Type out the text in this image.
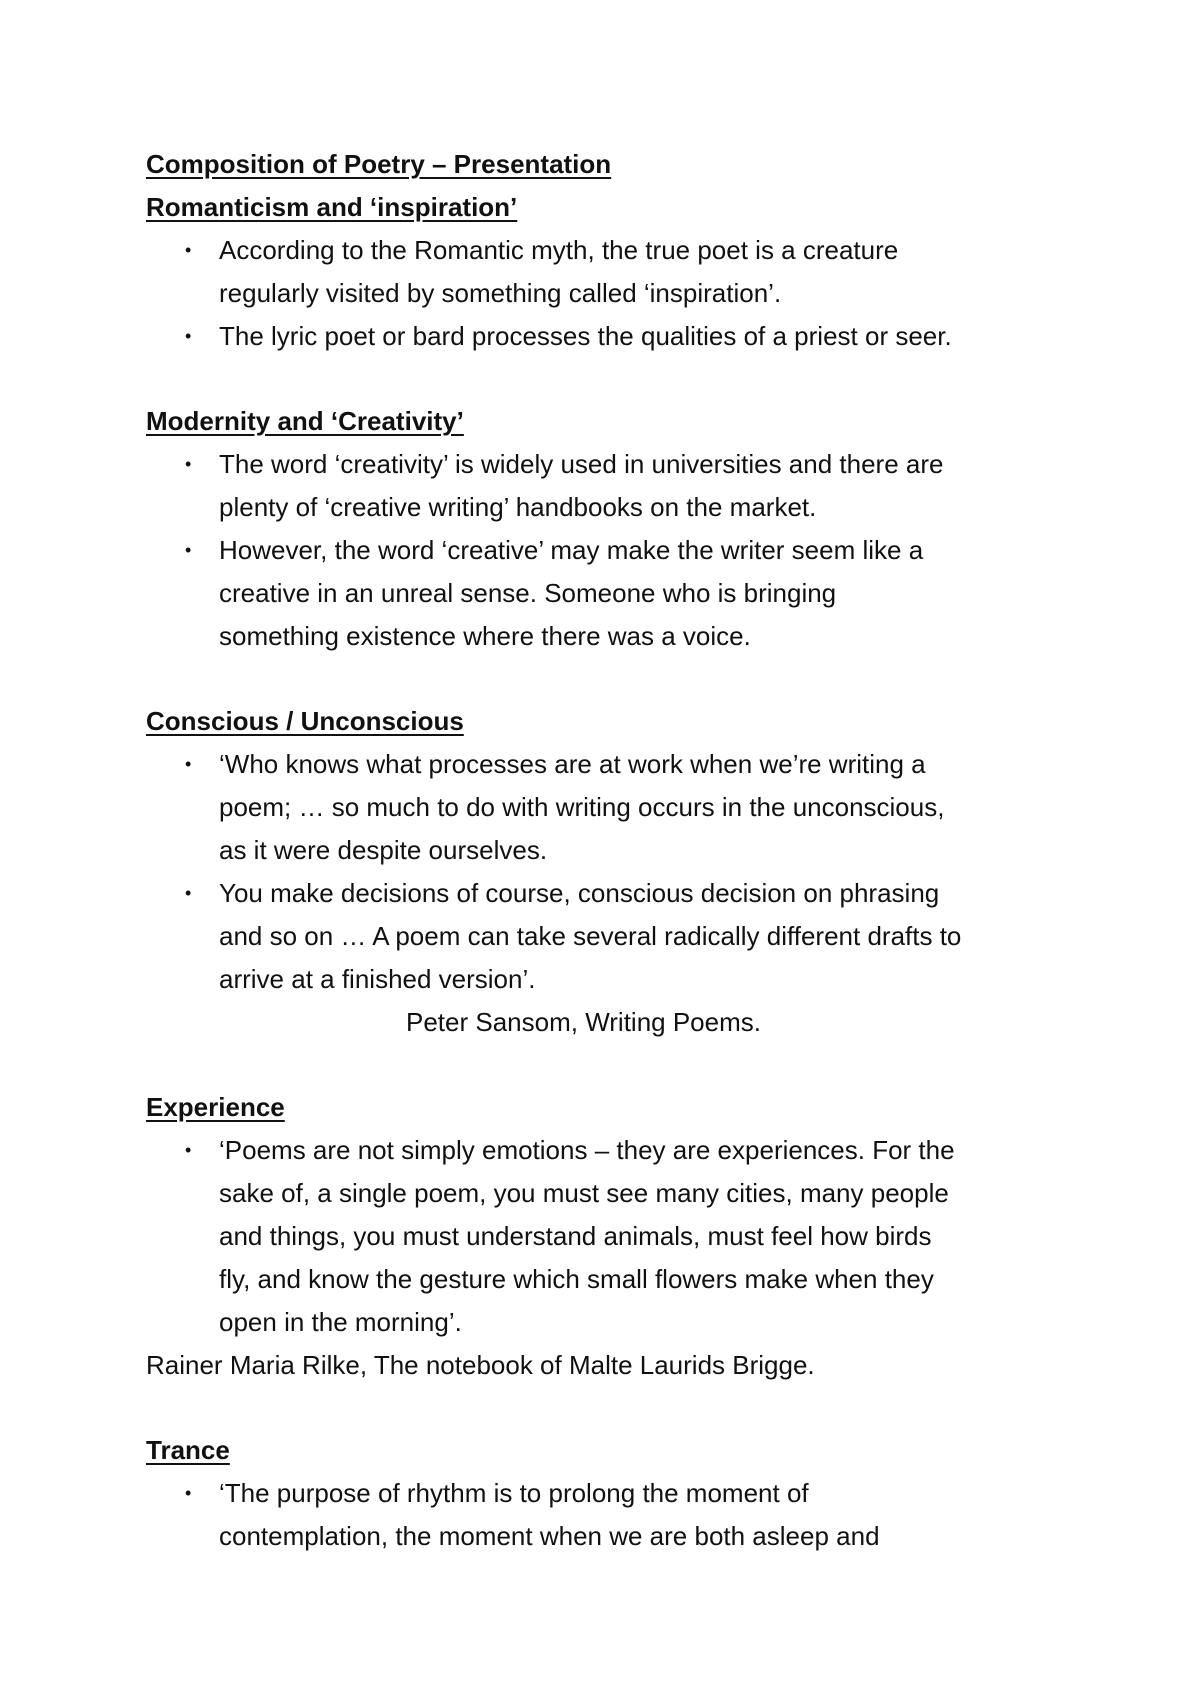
Composition of Poetry – Presentation

Romanticism and ‘inspiration’

• According to the Romantic myth, the true poet is a creature
regularly visited by something called ‘inspiration’.
• The lyric poet or bard processes the qualities of a priest or seer.

Modernity and ‘Creativity’

• The word ‘creativity’ is widely used in universities and there are
plenty of ‘creative writing’ handbooks on the market.
• However, the word ‘creative’ may make the writer seem like a
creative in an unreal sense. Someone who is bringing
something existence where there was a voice.

Conscious / Unconscious

• ‘Who knows what processes are at work when we’re writing a
poem; … so much to do with writing occurs in the unconscious,
as it were despite ourselves.
• You make decisions of course, conscious decision on phrasing
and so on … A poem can take several radically different drafts to
arrive at a finished version’.
Peter Sansom, Writing Poems.

Experience

• ‘Poems are not simply emotions – they are experiences. For the
sake of, a single poem, you must see many cities, many people
and things, you must understand animals, must feel how birds
fly, and know the gesture which small flowers make when they
open in the morning’.
Rainer Maria Rilke, The notebook of Malte Laurids Brigge.

Trance

• ‘The purpose of rhythm is to prolong the moment of
contemplation, the moment when we are both asleep and
